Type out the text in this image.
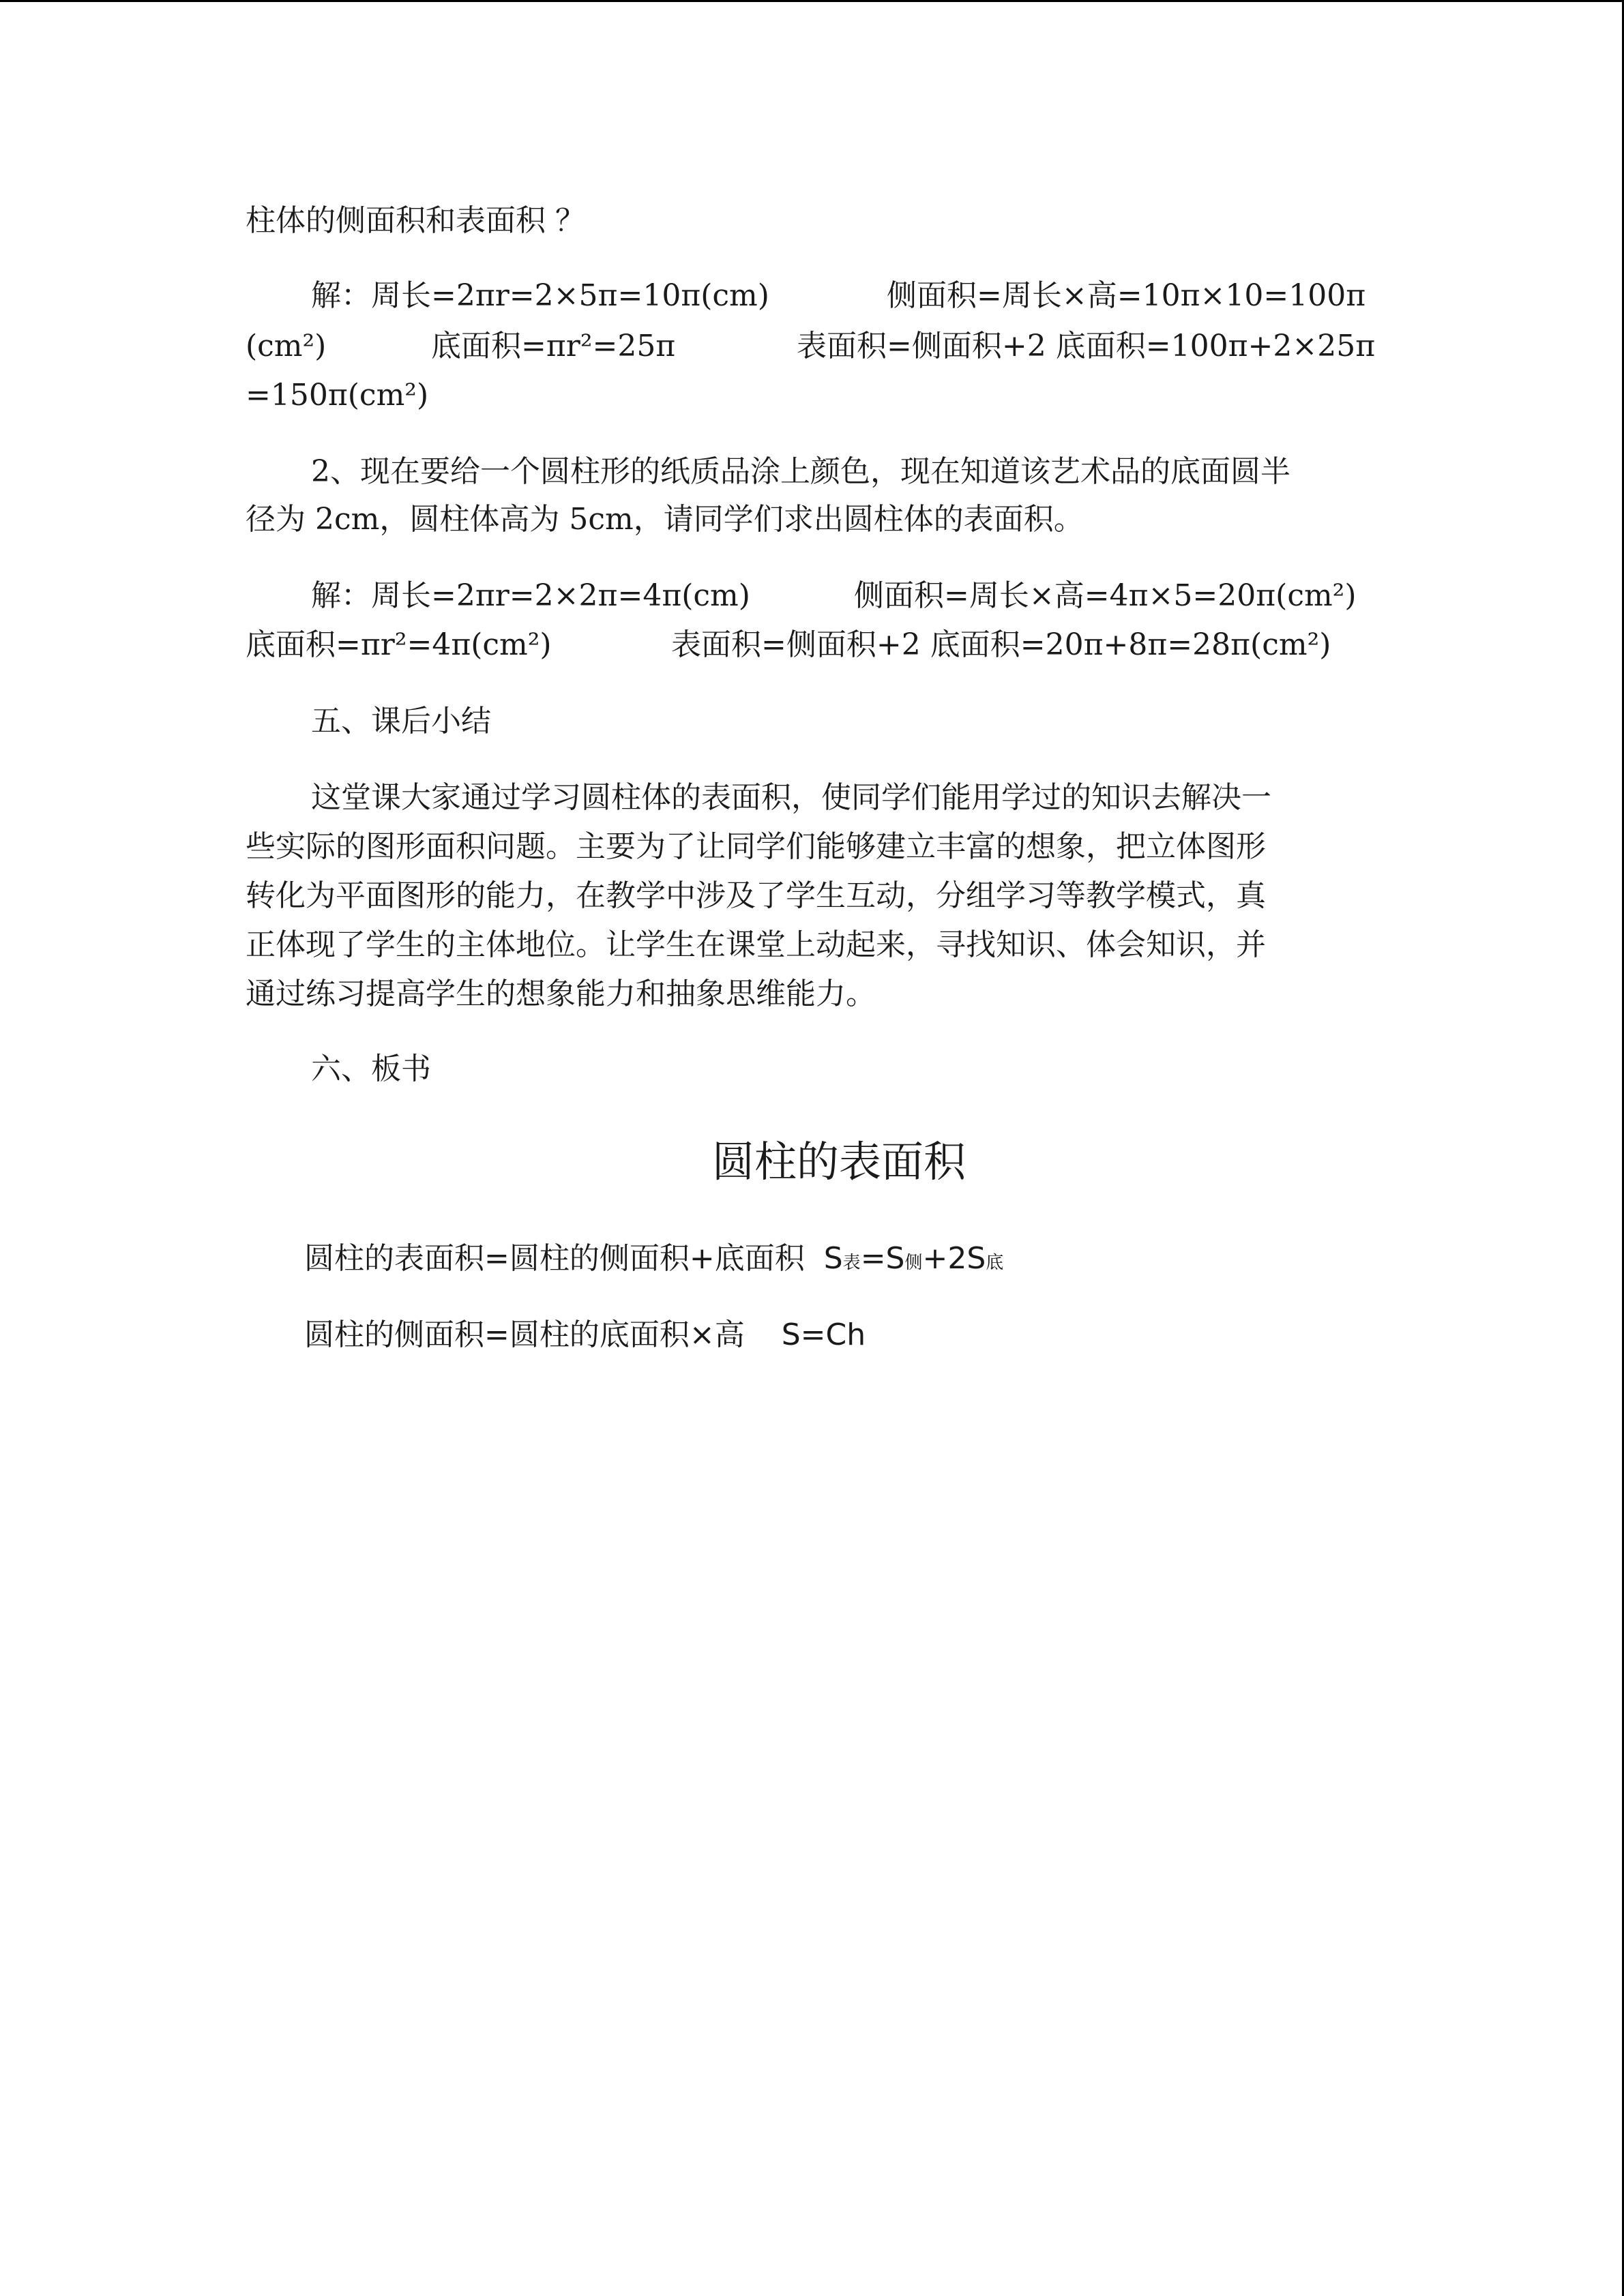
柱体的侧面积和表面积 ？
解：周长=2πr=2×5π=10π(cm)	侧面积=周长×高=10π×10=100π
(cm²)	底面积=πr²=25π	表面积=侧面积+2 底面积=100π+2×25π
=150π(cm²)
2、现在要给一个圆柱形的纸质品涂上颜色，现在知道该艺术品的底面圆半
径为 2cm，圆柱体高为 5cm，请同学们求出圆柱体的表面积。
解：周长=2πr=2×2π=4π(cm)	侧面积=周长×高=4π×5=20π(cm²)
底面积=πr²=4π(cm²)	表面积=侧面积+2 底面积=20π+8π=28π(cm²)
五、课后小结
这堂课大家通过学习圆柱体的表面积，使同学们能用学过的知识去解决一
些实际的图形面积问题。主要为了让同学们能够建立丰富的想象，把立体图形
转化为平面图形的能力，在教学中涉及了学生互动，分组学习等教学模式，真
正体现了学生的主体地位。让学生在课堂上动起来，寻找知识、体会知识，并
通过练习提高学生的想象能力和抽象思维能力。
六、板书
圆柱的表面积
圆柱的表面积=圆柱的侧面积+底面积 S表=S侧+2S底
圆柱的侧面积=圆柱的底面积×高 S=Ch
